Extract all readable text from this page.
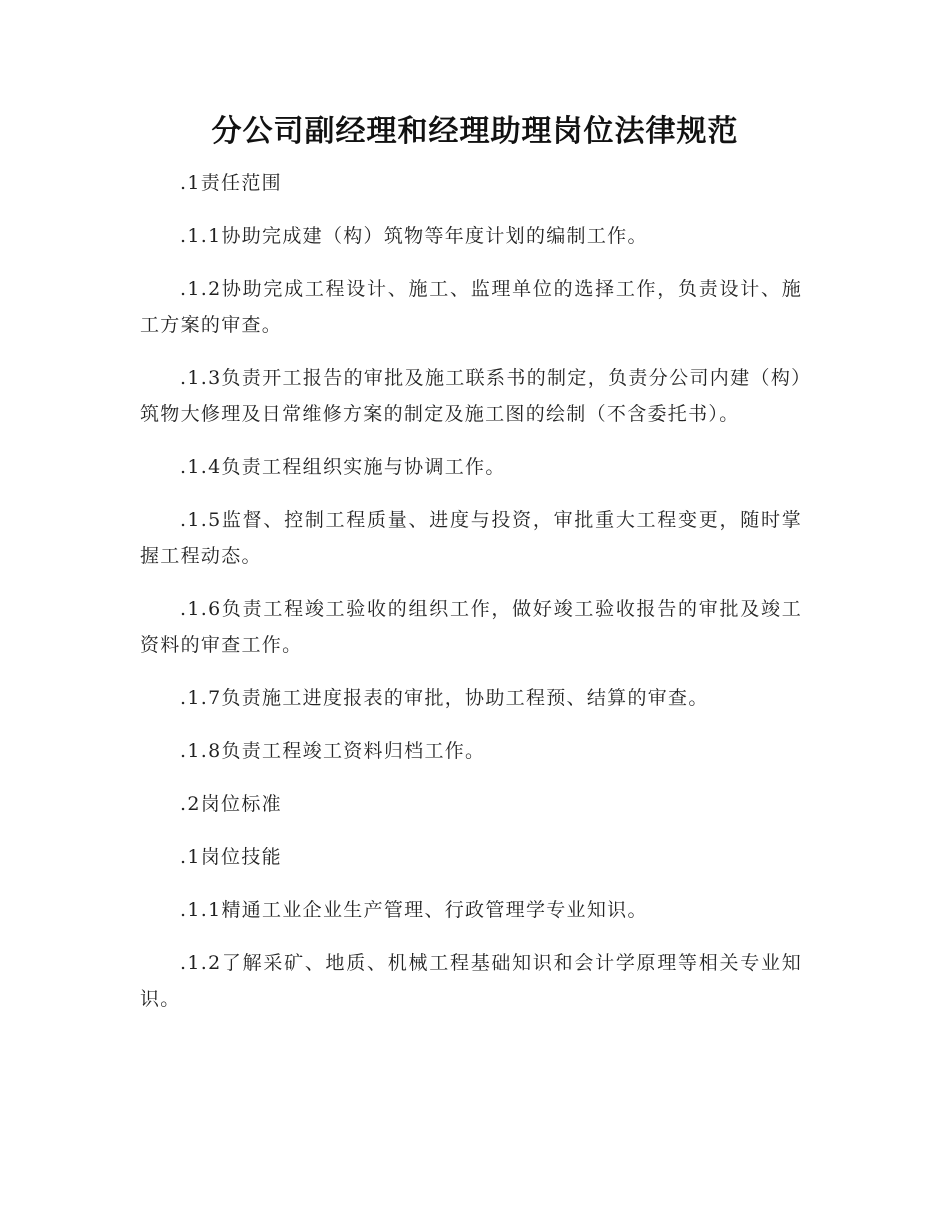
分公司副经理和经理助理岗位法律规范

.1责任范围

.1.1协助完成建（构）筑物等年度计划的编制工作。

.1.2协助完成工程设计、施工、监理单位的选择工作，负责设计、施工方案的审查。

.1.3负责开工报告的审批及施工联系书的制定，负责分公司内建（构）筑物大修理及日常维修方案的制定及施工图的绘制（不含委托书）。

.1.4负责工程组织实施与协调工作。

.1.5监督、控制工程质量、进度与投资，审批重大工程变更，随时掌握工程动态。

.1.6负责工程竣工验收的组织工作，做好竣工验收报告的审批及竣工资料的审查工作。

.1.7负责施工进度报表的审批，协助工程预、结算的审查。

.1.8负责工程竣工资料归档工作。

.2岗位标准

.1岗位技能

.1.1精通工业企业生产管理、行政管理学专业知识。

.1.2了解采矿、地质、机械工程基础知识和会计学原理等相关专业知识。
